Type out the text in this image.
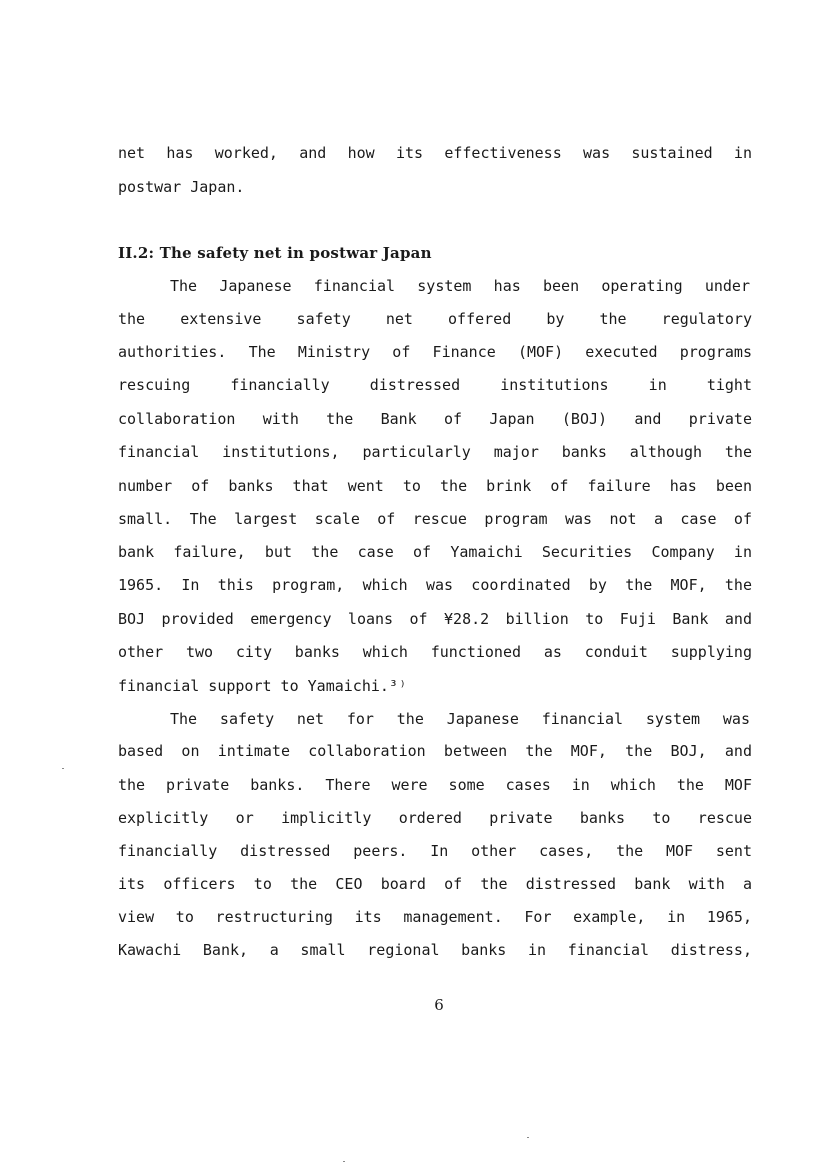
net has worked, and how its effectiveness was sustained in
postwar Japan.
II.2: The safety net in postwar Japan
The Japanese financial system has been operating under
the extensive safety net offered by the regulatory
authorities. The Ministry of Finance (MOF) executed programs
rescuing financially distressed institutions in tight
collaboration with the Bank of Japan (BOJ) and private
financial institutions, particularly major banks although the
number of banks that went to the brink of failure has been
small. The largest scale of rescue program was not a case of
bank failure, but the case of Yamaichi Securities Company in
1965. In this program, which was coordinated by the MOF, the
BOJ provided emergency loans of ¥28.2 billion to Fuji Bank and
other two city banks which functioned as conduit supplying
financial support to Yamaichi.³⁾
The safety net for the Japanese financial system was
based on intimate collaboration between the MOF, the BOJ, and
the private banks. There were some cases in which the MOF
explicitly or implicitly ordered private banks to rescue
financially distressed peers. In other cases, the MOF sent
its officers to the CEO board of the distressed bank with a
view to restructuring its management. For example, in 1965,
Kawachi Bank, a small regional banks in financial distress,
6
